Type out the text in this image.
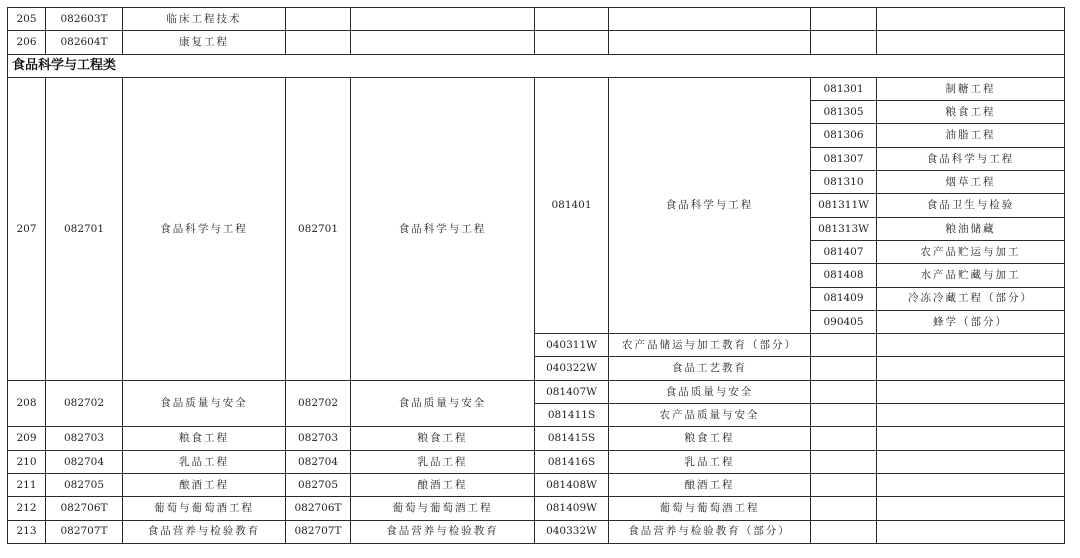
205	082603T	临床工程技术						
206	082604T	康复工程						
食品科学与工程类								
207	082701	食品科学与工程	082701	食品科学与工程	081401	食品科学与工程	081301	制糖工程
							081305	粮食工程
							081306	油脂工程
							081307	食品科学与工程
							081310	烟草工程
							081311W	食品卫生与检验
							081313W	粮油储藏
							081407	农产品贮运与加工
							081408	水产品贮藏与加工
							081409	冷冻冷藏工程（部分）
							090405	蜂学（部分）
					040311W	农产品储运与加工教育（部分）		
					040322W	食品工艺教育		
208	082702	食品质量与安全	082702	食品质量与安全	081407W	食品质量与安全		
					081411S	农产品质量与安全		
209	082703	粮食工程	082703	粮食工程	081415S	粮食工程		
210	082704	乳品工程	082704	乳品工程	081416S	乳品工程		
211	082705	酿酒工程	082705	酿酒工程	081408W	酿酒工程		
212	082706T	葡萄与葡萄酒工程	082706T	葡萄与葡萄酒工程	081409W	葡萄与葡萄酒工程		
213	082707T	食品营养与检验教育	082707T	食品营养与检验教育	040332W	食品营养与检验教育（部分）		
